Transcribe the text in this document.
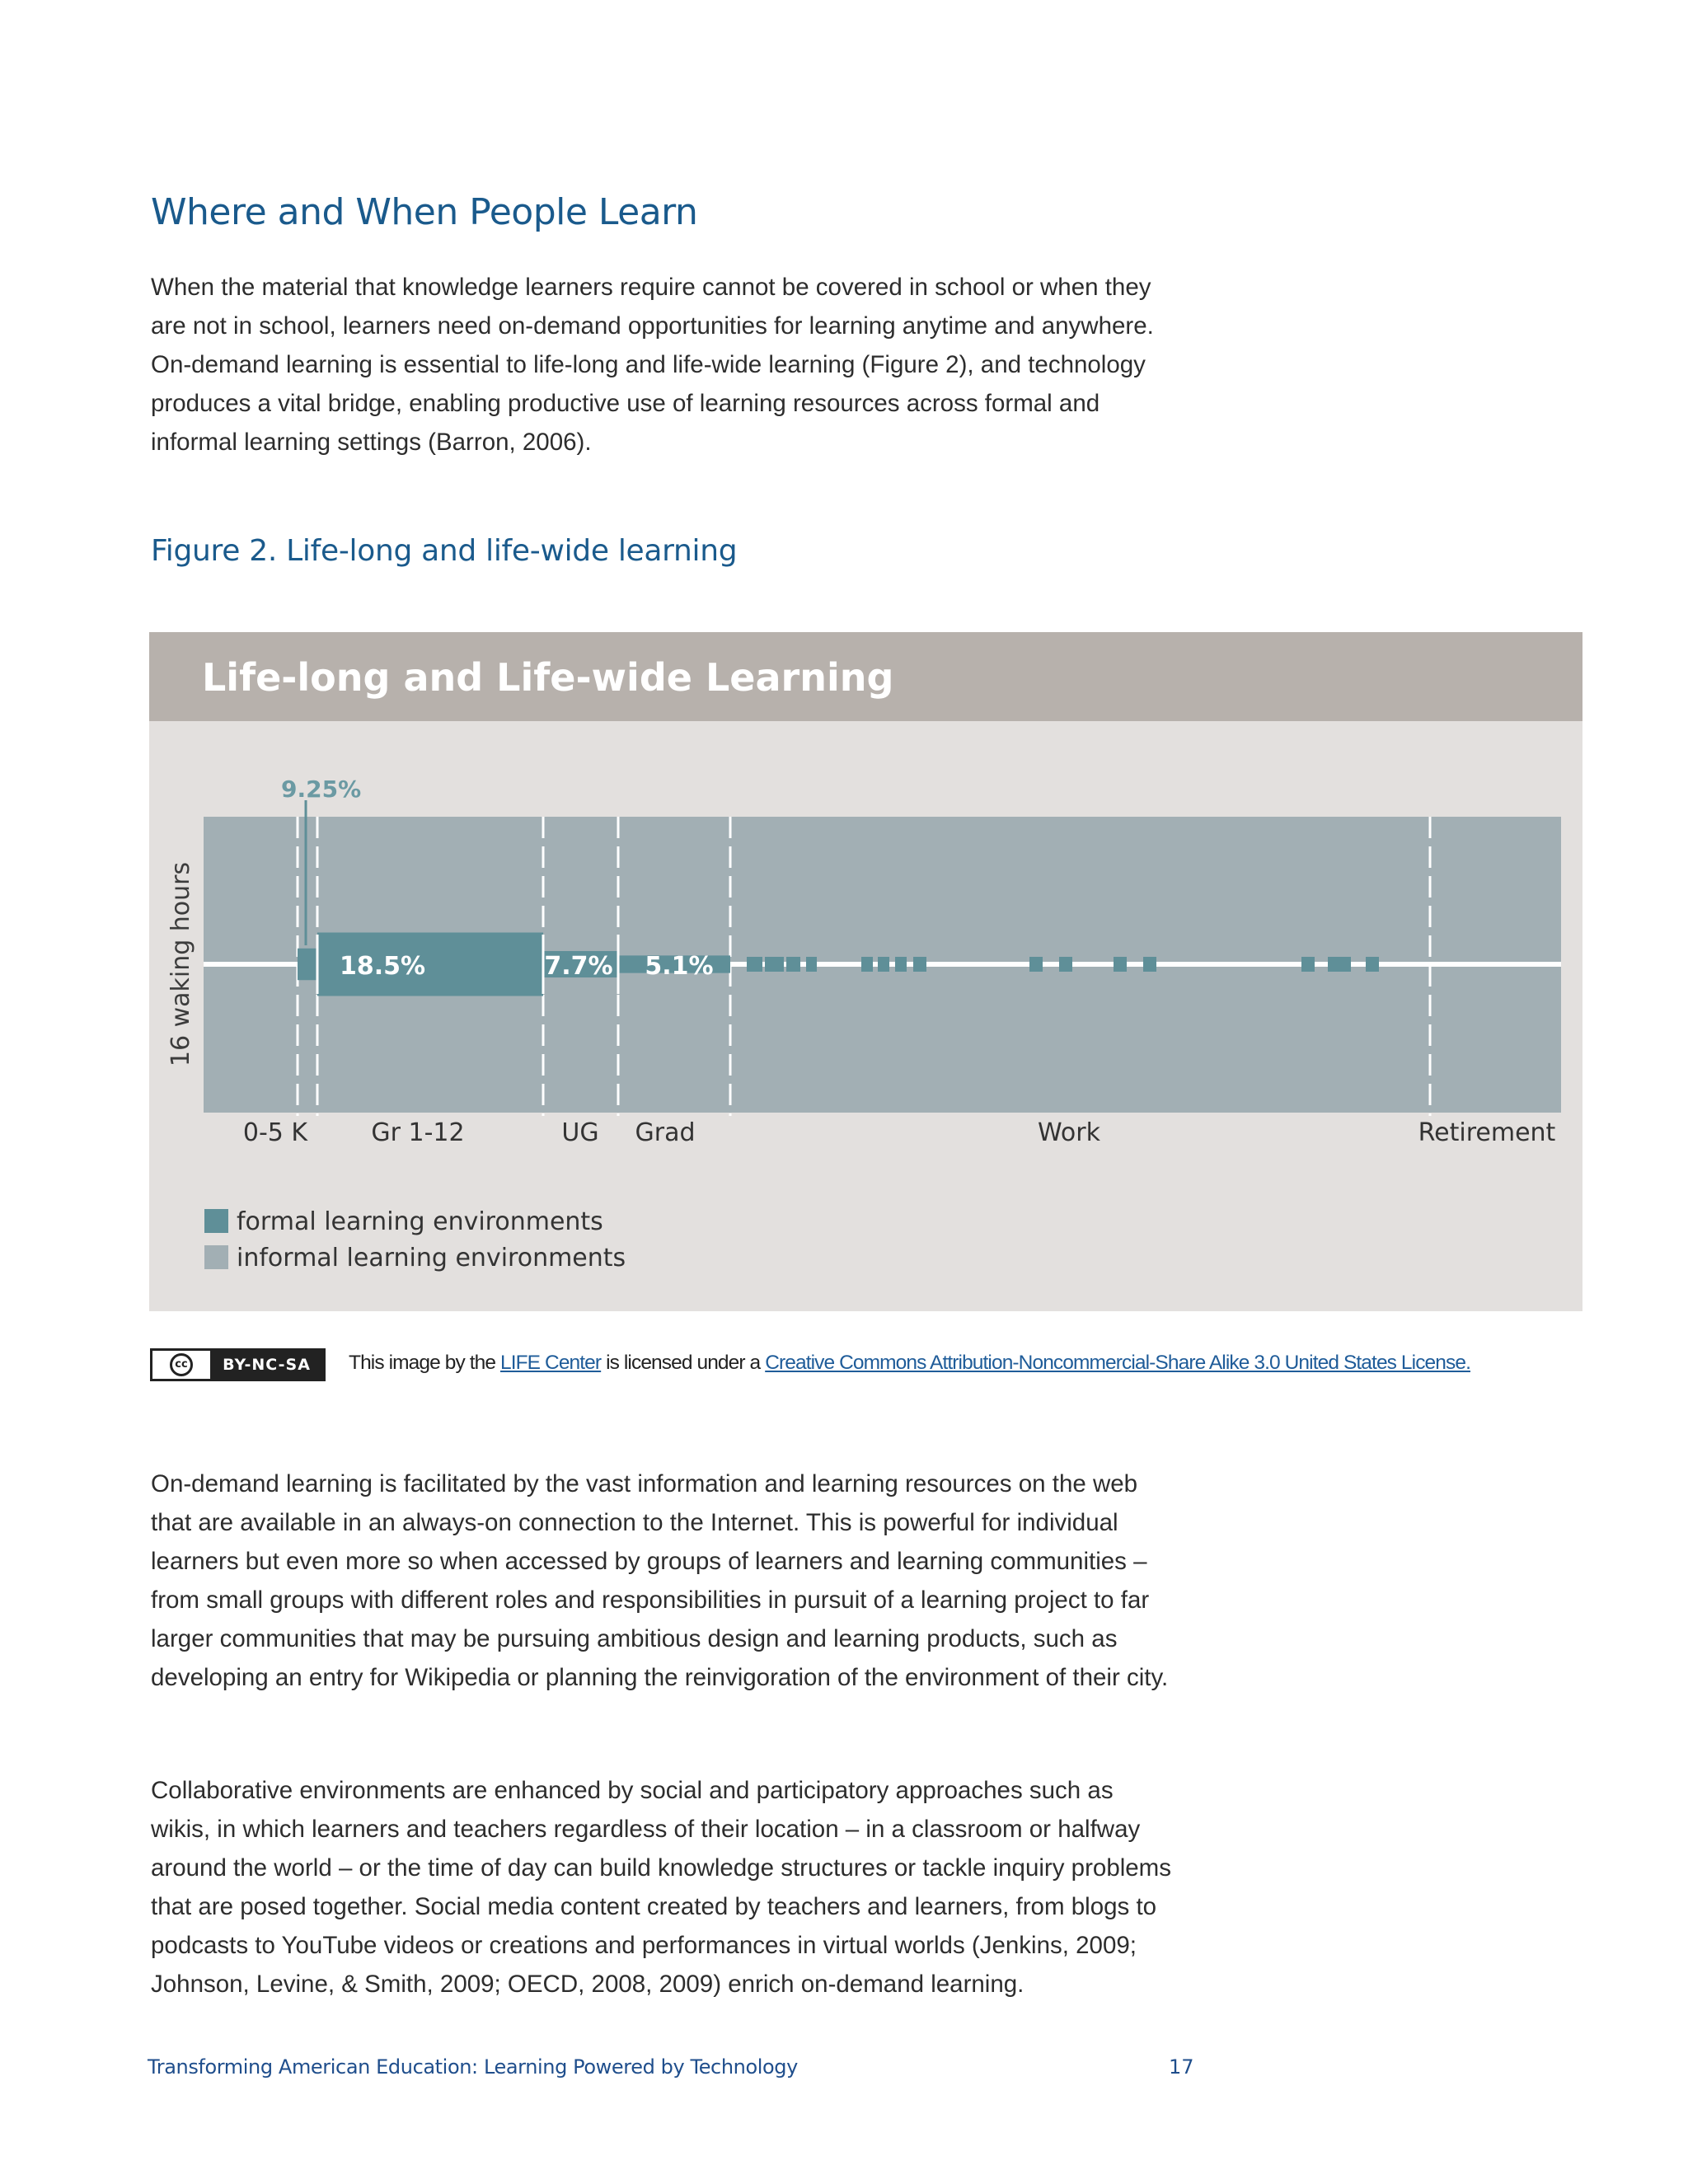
Where and When People Learn

When the material that knowledge learners require cannot be covered in school or when they are not in school, learners need on-demand opportunities for learning anytime and anywhere. On-demand learning is essential to life-long and life-wide learning (Figure 2), and technology produces a vital bridge, enabling productive use of learning resources across formal and informal learning settings (Barron, 2006).

Figure 2. Life-long and life-wide learning
Life-long and Life-wide Learning
9.25%
18.5%	7.7% 5.1%
16 waking hours
0-5 K	Gr 1-12	UG Grad	Work	Retirement
formal learning environments
informal learning environments
cc	BY-NC-SA	This image by the LIFE Center is licensed under a Creative Commons Attribution-Noncommercial-Share Alike 3.0 United States License.

On-demand learning is facilitated by the vast information and learning resources on the web that are available in an always-on connection to the Internet. This is powerful for individual learners but even more so when accessed by groups of learners and learning communities – from small groups with different roles and responsibilities in pursuit of a learning project to far larger communities that may be pursuing ambitious design and learning products, such as developing an entry for Wikipedia or planning the reinvigoration of the environment of their city.

Collaborative environments are enhanced by social and participatory approaches such as wikis, in which learners and teachers regardless of their location – in a classroom or halfway around the world – or the time of day can build knowledge structures or tackle inquiry problems that are posed together. Social media content created by teachers and learners, from blogs to podcasts to YouTube videos or creations and performances in virtual worlds (Jenkins, 2009; Johnson, Levine, & Smith, 2009; OECD, 2008, 2009) enrich on-demand learning.

Transforming American Education: Learning Powered by Technology	17
